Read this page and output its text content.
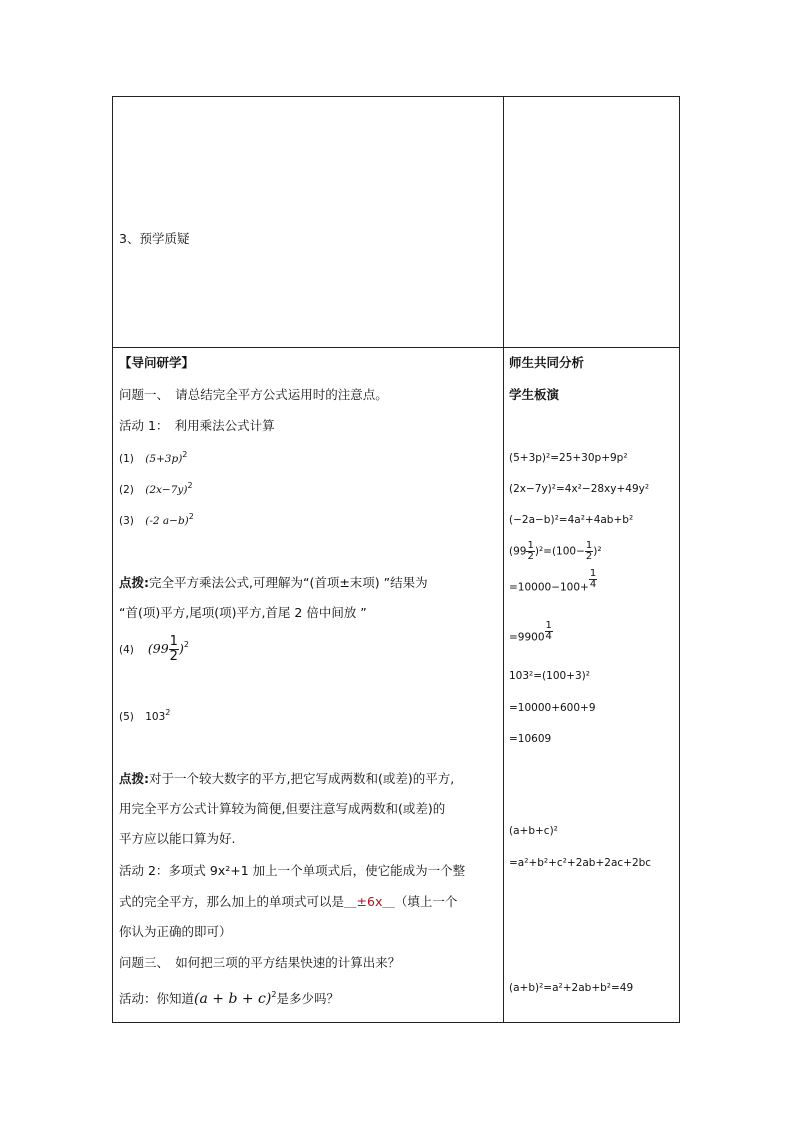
3、预学质疑
【导问研学】
问题一、　请总结完全平方公式运用时的注意点。
活动 1：　利用乘法公式计算
(1) $(5+3p)^2$
(2) $(2x-7y)^2$
(3) (-2 a−b)$^2$
点拨:完全平方乘法公式,可理解为“(首项±末项) ”结果为
“首(项)平方,尾项(项)平方,首尾 2 倍中间放 ”
(4) $(99 \frac{1}{2} )^2$
(5) $103^2$
点拨:对于一个较大数字的平方,把它写成两数和(或差)的平方,
用完全平方公式计算较为简便,但要注意写成两数和(或差)的
平方应以能口算为好.
活动 2：多项式 9x²+1 加上一个单项式后，使它能成为一个整
式的完全平方，那么加上的单项式可以是＿±6x＿（填上一个
你认为正确的即可）
问题三、　如何把三项的平方结果快速的计算出来？
活动：你知道$(a + b + c)^2$是多少吗？
师生共同分析
学生板演
(5+3p)²=25+30p+9p²
(2x−7y)²=4x²−28xy+49y²
(−2a−b)²=4a²+4ab+b²
$(99 \frac{1}{2} )^2=(100- \frac{1}{2} )^2$
$=10000-100+ \frac{1}{4}$
$=9900 \frac{1}{4}$
103²=(100+3)²
=10000+600+9
=10609
(a+b+c)²
=a²+b²+c²+2ab+2ac+2bc
(a+b)²=a²+2ab+b²=49
